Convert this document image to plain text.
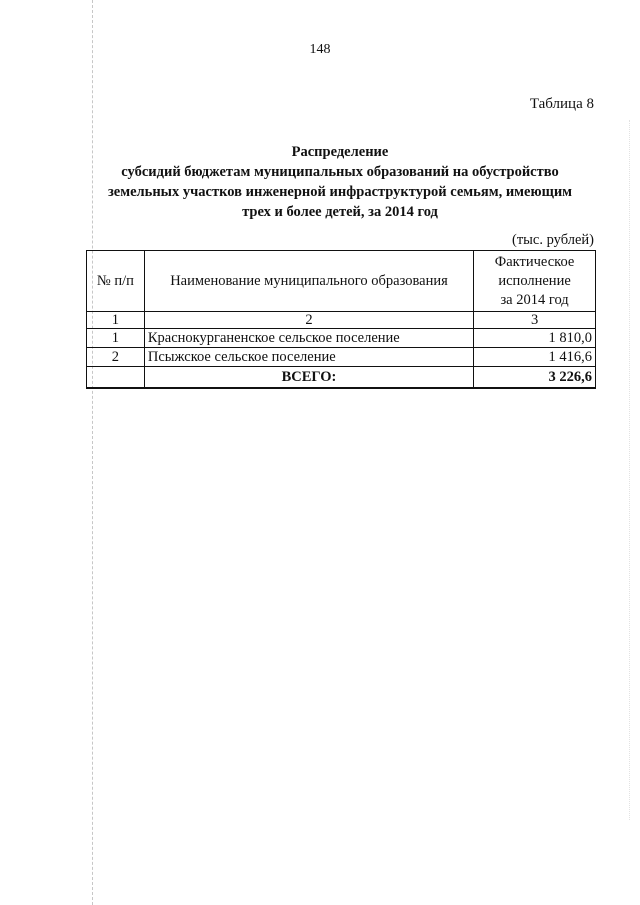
148
Таблица 8
Распределение
субсидий бюджетам муниципальных образований на обустройство
земельных участков инженерной инфраструктурой семьям, имеющим
трех и более детей, за 2014 год
(тыс. рублей)
№ п/п	Наименование муниципального образования	Фактическое
исполнение
за 2014 год

1	2	3
1	Краснокурганенское сельское поселение	1 810,0
2	Псыжское сельское поселение	1 416,6
	ВСЕГО:	3 226,6
